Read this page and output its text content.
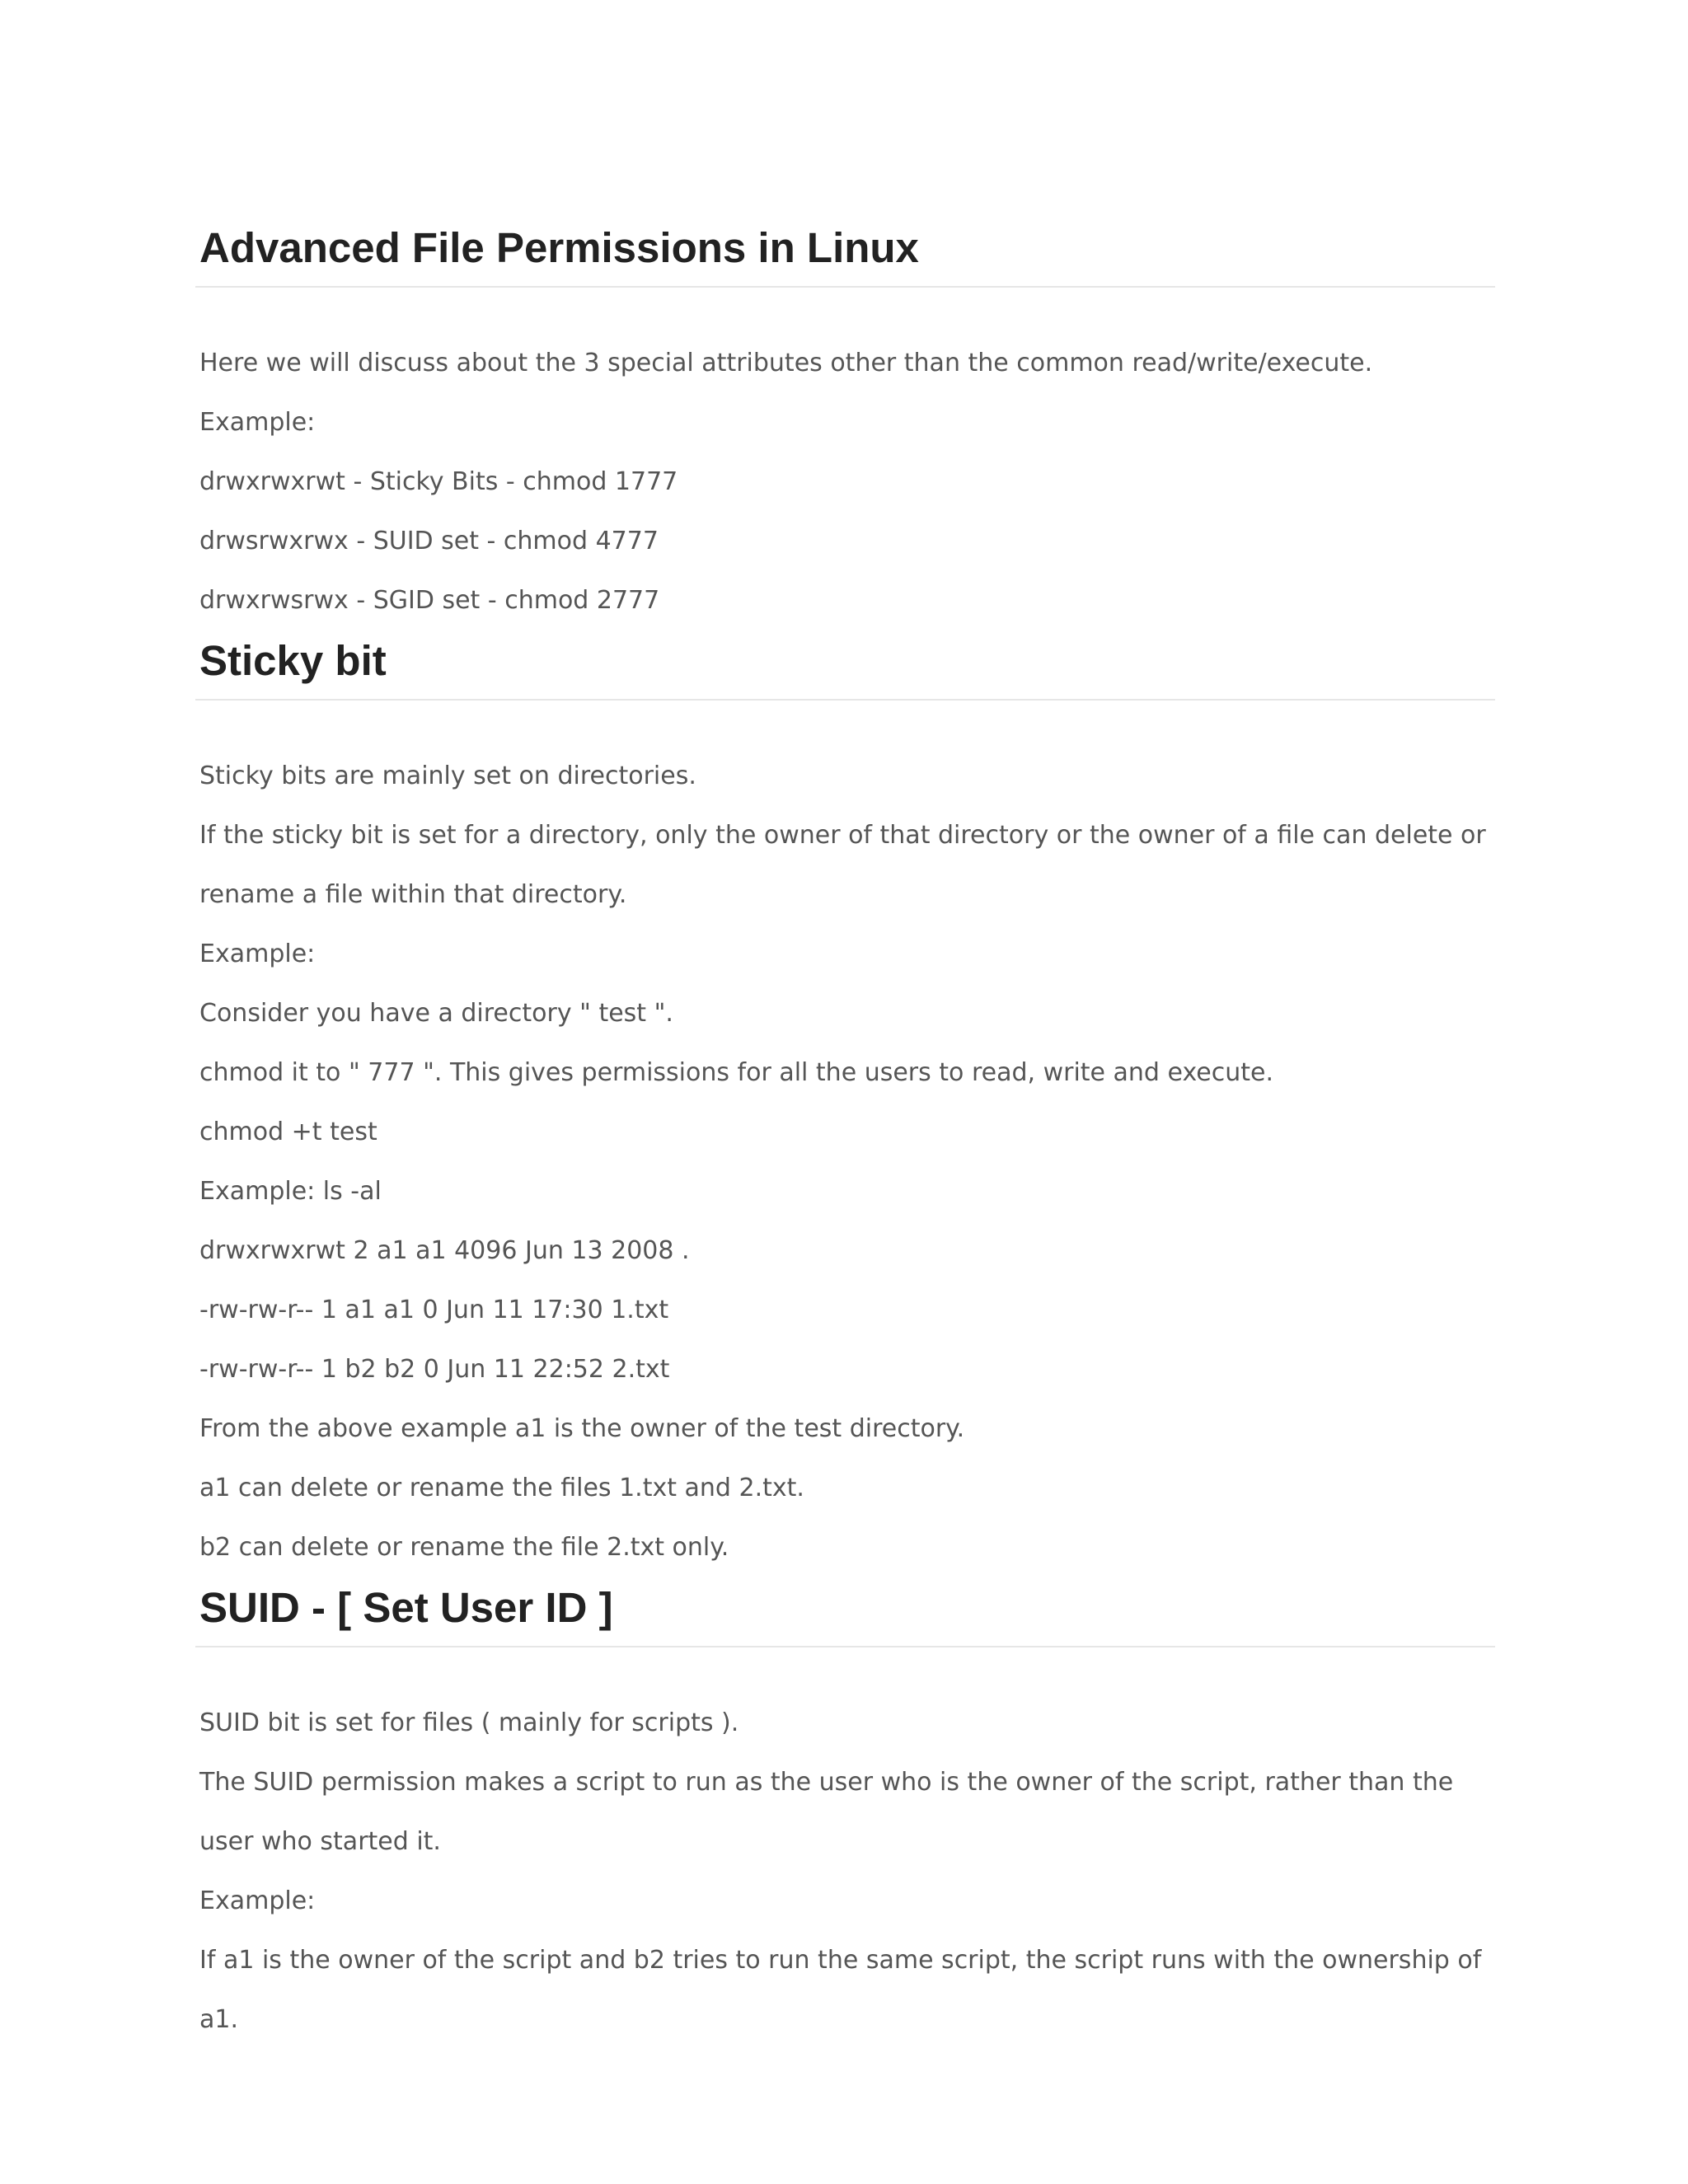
Advanced File Permissions in Linux

Here we will discuss about the 3 special attributes other than the common read/write/execute.

Example:

drwxrwxrwt - Sticky Bits - chmod 1777

drwsrwxrwx - SUID set - chmod 4777

drwxrwsrwx - SGID set - chmod 2777

Sticky bit

Sticky bits are mainly set on directories.

If the sticky bit is set for a directory, only the owner of that directory or the owner of a file can delete or rename a file within that directory.

Example:

Consider you have a directory " test ".

chmod it to " 777 ". This gives permissions for all the users to read, write and execute.

chmod +t test

Example: ls -al

drwxrwxrwt 2 a1 a1 4096 Jun 13 2008 .

-rw-rw-r-- 1 a1 a1 0 Jun 11 17:30 1.txt

-rw-rw-r-- 1 b2 b2 0 Jun 11 22:52 2.txt

From the above example a1 is the owner of the test directory.

a1 can delete or rename the files 1.txt and 2.txt.

b2 can delete or rename the file 2.txt only.

SUID - [ Set User ID ]

SUID bit is set for files ( mainly for scripts ).

The SUID permission makes a script to run as the user who is the owner of the script, rather than the user who started it.

Example:

If a1 is the owner of the script and b2 tries to run the same script, the script runs with the ownership of a1.
